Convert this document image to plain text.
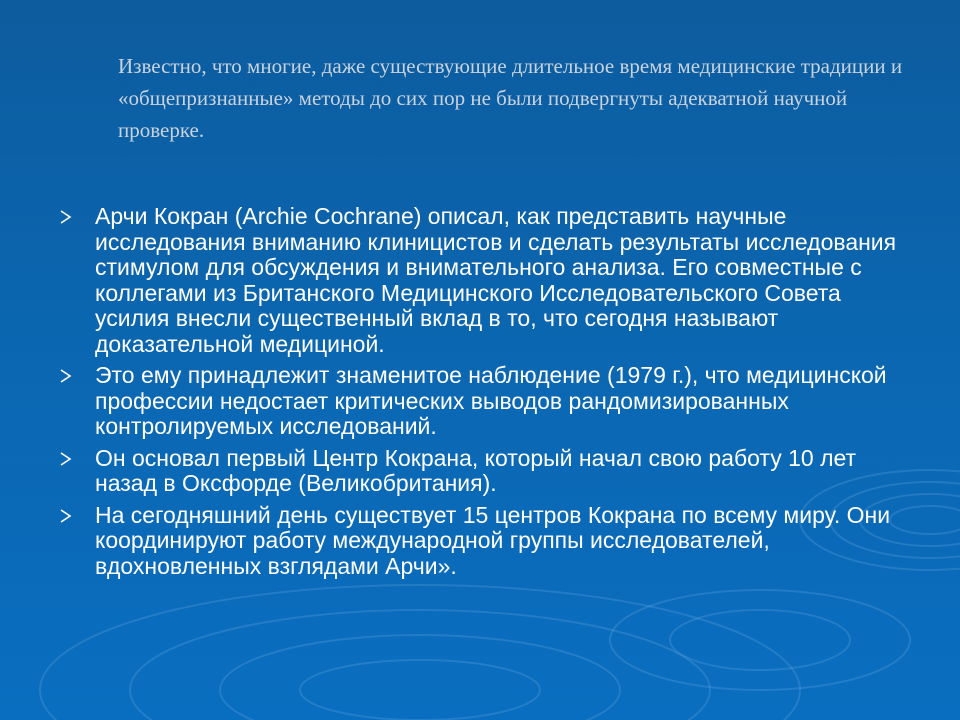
Известно, что многие, даже существующие длительное время медицинские традиции и «общепризнанные» методы до сих пор не были подвергнуты адекватной научной проверке.

Арчи Кокран (Archie Cochrane) описал, как представить научные исследования вниманию клиницистов и сделать результаты исследования стимулом для обсуждения и внимательного анализа. Его совместные с коллегами из Британского Медицинского Исследовательского Совета усилия внесли существенный вклад в то, что сегодня называют доказательной медициной.
Это ему принадлежит знаменитое наблюдение (1979 г.), что медицинской профессии недостает критических выводов рандомизированных контролируемых исследований.
Он основал первый Центр Кокрана, который начал свою работу 10 лет назад в Оксфорде (Великобритания).
На сегодняшний день существует 15 центров Кокрана по всему миру. Они координируют работу международной группы исследователей, вдохновленных взглядами Арчи».
